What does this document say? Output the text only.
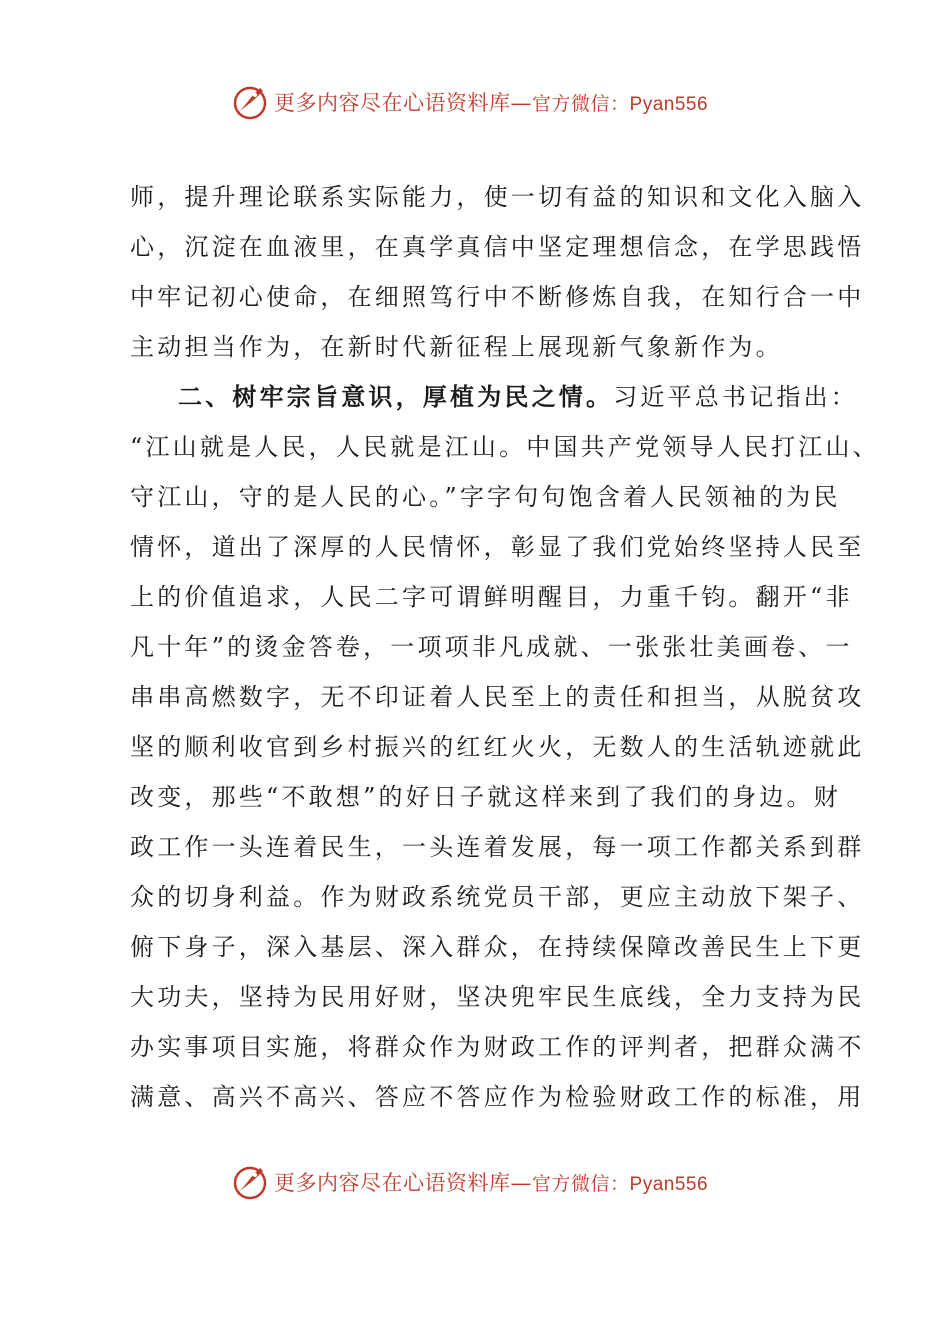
更多内容尽在心语资料库—官方微信：Pyan556
师，提升理论联系实际能力，使一切有益的知识和文化入脑入
心，沉淀在血液里，在真学真信中坚定理想信念，在学思践悟
中牢记初心使命，在细照笃行中不断修炼自我，在知行合一中
主动担当作为，在新时代新征程上展现新气象新作为。
二、树牢宗旨意识，厚植为民之情。习近平总书记指出：
“江山就是人民，人民就是江山。中国共产党领导人民打江山、
守江山，守的是人民的心。”字字句句饱含着人民领袖的为民
情怀，道出了深厚的人民情怀，彰显了我们党始终坚持人民至
上的价值追求，人民二字可谓鲜明醒目，力重千钧。翻开“非
凡十年”的烫金答卷，一项项非凡成就、一张张壮美画卷、一
串串高燃数字，无不印证着人民至上的责任和担当，从脱贫攻
坚的顺利收官到乡村振兴的红红火火，无数人的生活轨迹就此
改变，那些“不敢想”的好日子就这样来到了我们的身边。财
政工作一头连着民生，一头连着发展，每一项工作都关系到群
众的切身利益。作为财政系统党员干部，更应主动放下架子、
俯下身子，深入基层、深入群众，在持续保障改善民生上下更
大功夫，坚持为民用好财，坚决兜牢民生底线，全力支持为民
办实事项目实施，将群众作为财政工作的评判者，把群众满不
满意、高兴不高兴、答应不答应作为检验财政工作的标准，用
更多内容尽在心语资料库—官方微信：Pyan556
